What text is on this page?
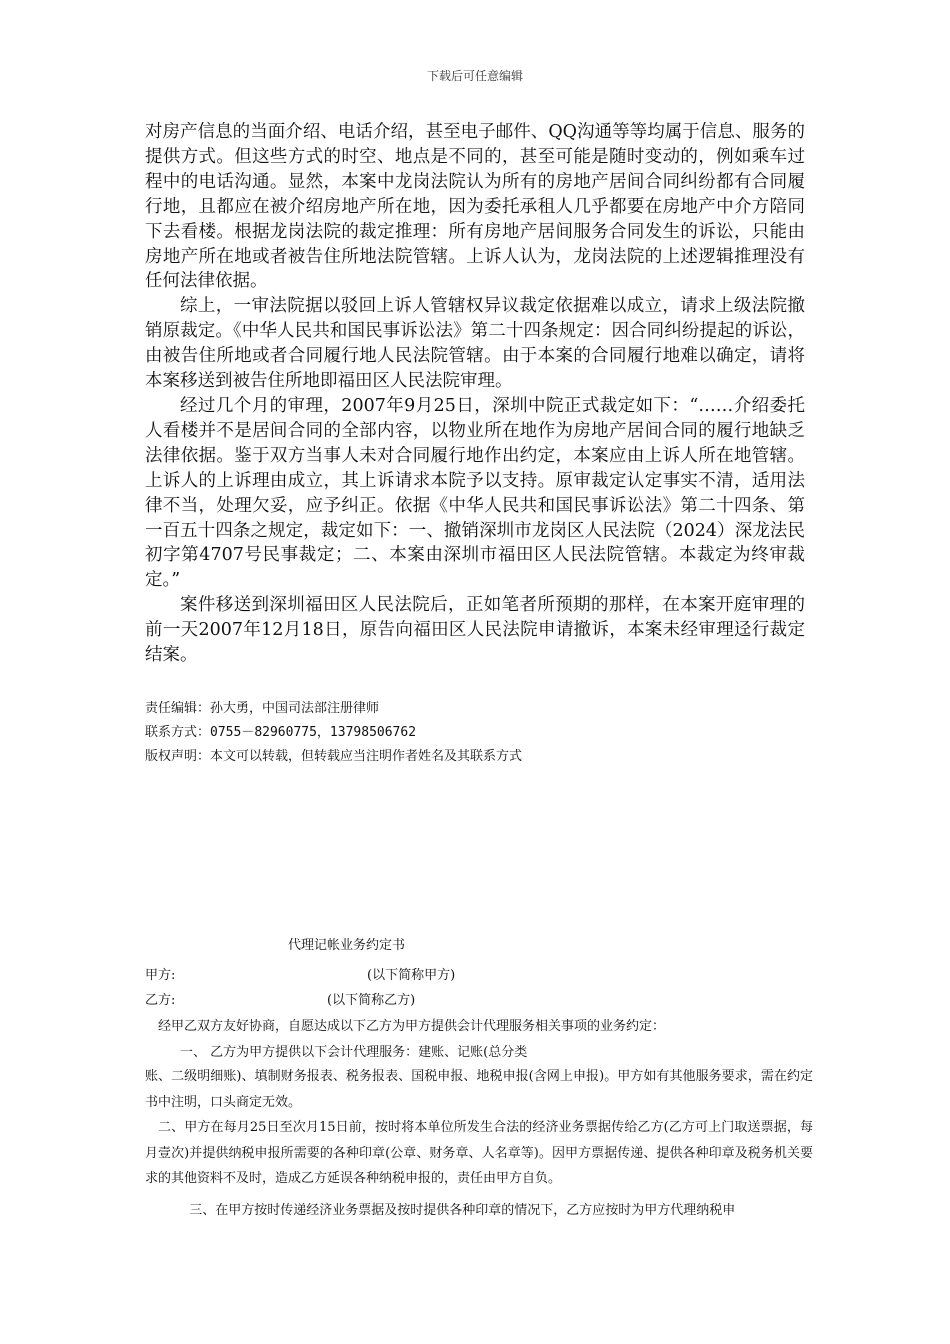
下载后可任意编辑

对房产信息的当面介绍、电话介绍，甚至电子邮件、QQ沟通等等均属于信息、服务的提供方式。但这些方式的时空、地点是不同的，甚至可能是随时变动的，例如乘车过程中的电话沟通。显然，本案中龙岗法院认为所有的房地产居间合同纠纷都有合同履行地，且都应在被介绍房地产所在地，因为委托承租人几乎都要在房地产中介方陪同下去看楼。根据龙岗法院的裁定推理：所有房地产居间服务合同发生的诉讼，只能由房地产所在地或者被告住所地法院管辖。上诉人认为，龙岗法院的上述逻辑推理没有任何法律依据。

综上，一审法院据以驳回上诉人管辖权异议裁定依据难以成立，请求上级法院撤销原裁定。《中华人民共和国民事诉讼法》第二十四条规定：因合同纠纷提起的诉讼，由被告住所地或者合同履行地人民法院管辖。由于本案的合同履行地难以确定，请将本案移送到被告住所地即福田区人民法院审理。

经过几个月的审理，2007年9月25日，深圳中院正式裁定如下：“……介绍委托人看楼并不是居间合同的全部内容，以物业所在地作为房地产居间合同的履行地缺乏法律依据。鉴于双方当事人未对合同履行地作出约定，本案应由上诉人所在地管辖。上诉人的上诉理由成立，其上诉请求本院予以支持。原审裁定认定事实不清，适用法律不当，处理欠妥，应予纠正。依据《中华人民共和国民事诉讼法》第二十四条、第一百五十四条之规定，裁定如下：一、撤销深圳市龙岗区人民法院（2024）深龙法民初字第4707号民事裁定；二、本案由深圳市福田区人民法院管辖。本裁定为终审裁定。”

案件移送到深圳福田区人民法院后，正如笔者所预期的那样，在本案开庭审理的前一天2007年12月18日，原告向福田区人民法院申请撤诉，本案未经审理迳行裁定结案。

责任编辑：孙大勇，中国司法部注册律师

联系方式：0755－82960775，13798506762

版权声明：本文可以转载，但转载应当注明作者姓名及其联系方式

代理记帐业务约定书

甲方:	(以下简称甲方)

乙方:	(以下简称乙方)

经甲乙双方友好协商，自愿达成以下乙方为甲方提供会计代理服务相关事项的业务约定：

一、 乙方为甲方提供以下会计代理服务：建账、记账(总分类

账、二级明细账)、填制财务报表、税务报表、国税申报、地税申报(含网上申报)。甲方如有其他服务要求，需在约定书中注明，口头商定无效。

二、甲方在每月25日至次月15日前，按时将本单位所发生合法的经济业务票据传给乙方(乙方可上门取送票据，每月壹次)并提供纳税申报所需要的各种印章(公章、财务章、人名章等)。因甲方票据传递、提供各种印章及税务机关要求的其他资料不及时，造成乙方延误各种纳税申报的，责任由甲方自负。

三、在甲方按时传递经济业务票据及按时提供各种印章的情况下，乙方应按时为甲方代理纳税申
